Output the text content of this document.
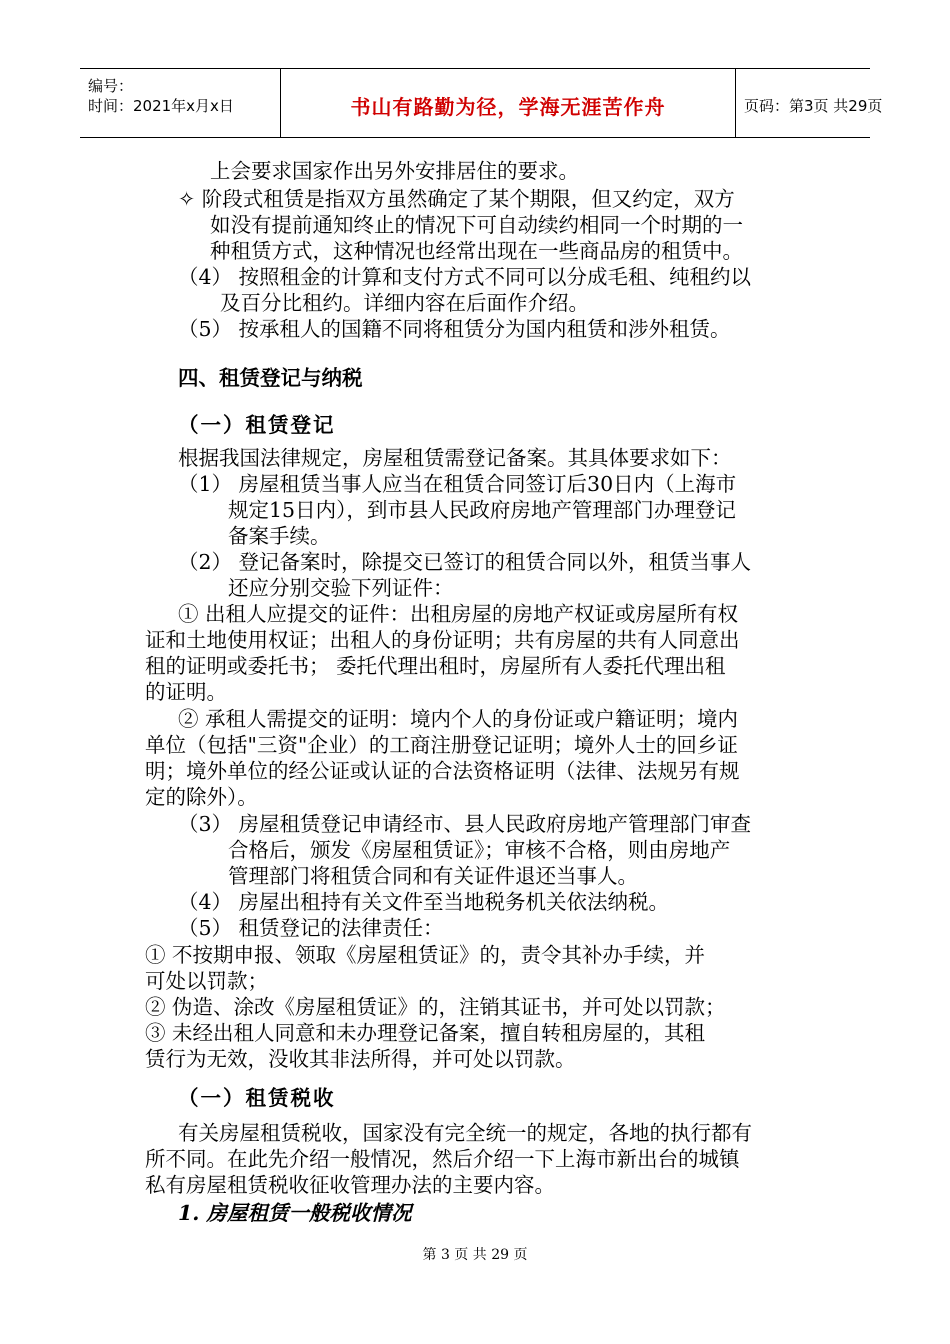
编号：
时间：2021年x月x日	书山有路勤为径，学海无涯苦作舟	页码：第3页 共29页
上会要求国家作出另外安排居住的要求。
✧ 阶段式租赁是指双方虽然确定了某个期限，但又约定，双方
如没有提前通知终止的情况下可自动续约相同一个时期的一
种租赁方式，这种情况也经常出现在一些商品房的租赁中。
（4） 按照租金的计算和支付方式不同可以分成毛租、纯租约以
及百分比租约。详细内容在后面作介绍。
（5） 按承租人的国籍不同将租赁分为国内租赁和涉外租赁。
四、租赁登记与纳税
（一）租赁登记
根据我国法律规定，房屋租赁需登记备案。其具体要求如下：
（1） 房屋租赁当事人应当在租赁合同签订后30日内（上海市
规定15日内），到市县人民政府房地产管理部门办理登记
备案手续。
（2） 登记备案时，除提交已签订的租赁合同以外，租赁当事人
还应分别交验下列证件：
① 出租人应提交的证件：出租房屋的房地产权证或房屋所有权
证和土地使用权证；出租人的身份证明；共有房屋的共有人同意出
租的证明或委托书； 委托代理出租时，房屋所有人委托代理出租
的证明。
② 承租人需提交的证明：境内个人的身份证或户籍证明；境内
单位（包括"三资"企业）的工商注册登记证明；境外人士的回乡证
明；境外单位的经公证或认证的合法资格证明（法律、法规另有规
定的除外）。
（3） 房屋租赁登记申请经市、县人民政府房地产管理部门审查
合格后，颁发《房屋租赁证》；审核不合格，则由房地产
管理部门将租赁合同和有关证件退还当事人。
（4） 房屋出租持有关文件至当地税务机关依法纳税。
（5） 租赁登记的法律责任：
① 不按期申报、领取《房屋租赁证》的，责令其补办手续，并
可处以罚款；
② 伪造、涂改《房屋租赁证》的，注销其证书，并可处以罚款；
③ 未经出租人同意和未办理登记备案，擅自转租房屋的，其租
赁行为无效，没收其非法所得，并可处以罚款。
（一）租赁税收
有关房屋租赁税收，国家没有完全统一的规定，各地的执行都有
所不同。在此先介绍一般情况，然后介绍一下上海市新出台的城镇
私有房屋租赁税收征收管理办法的主要内容。
1. 房屋租赁一般税收情况
第 3 页 共 29 页
